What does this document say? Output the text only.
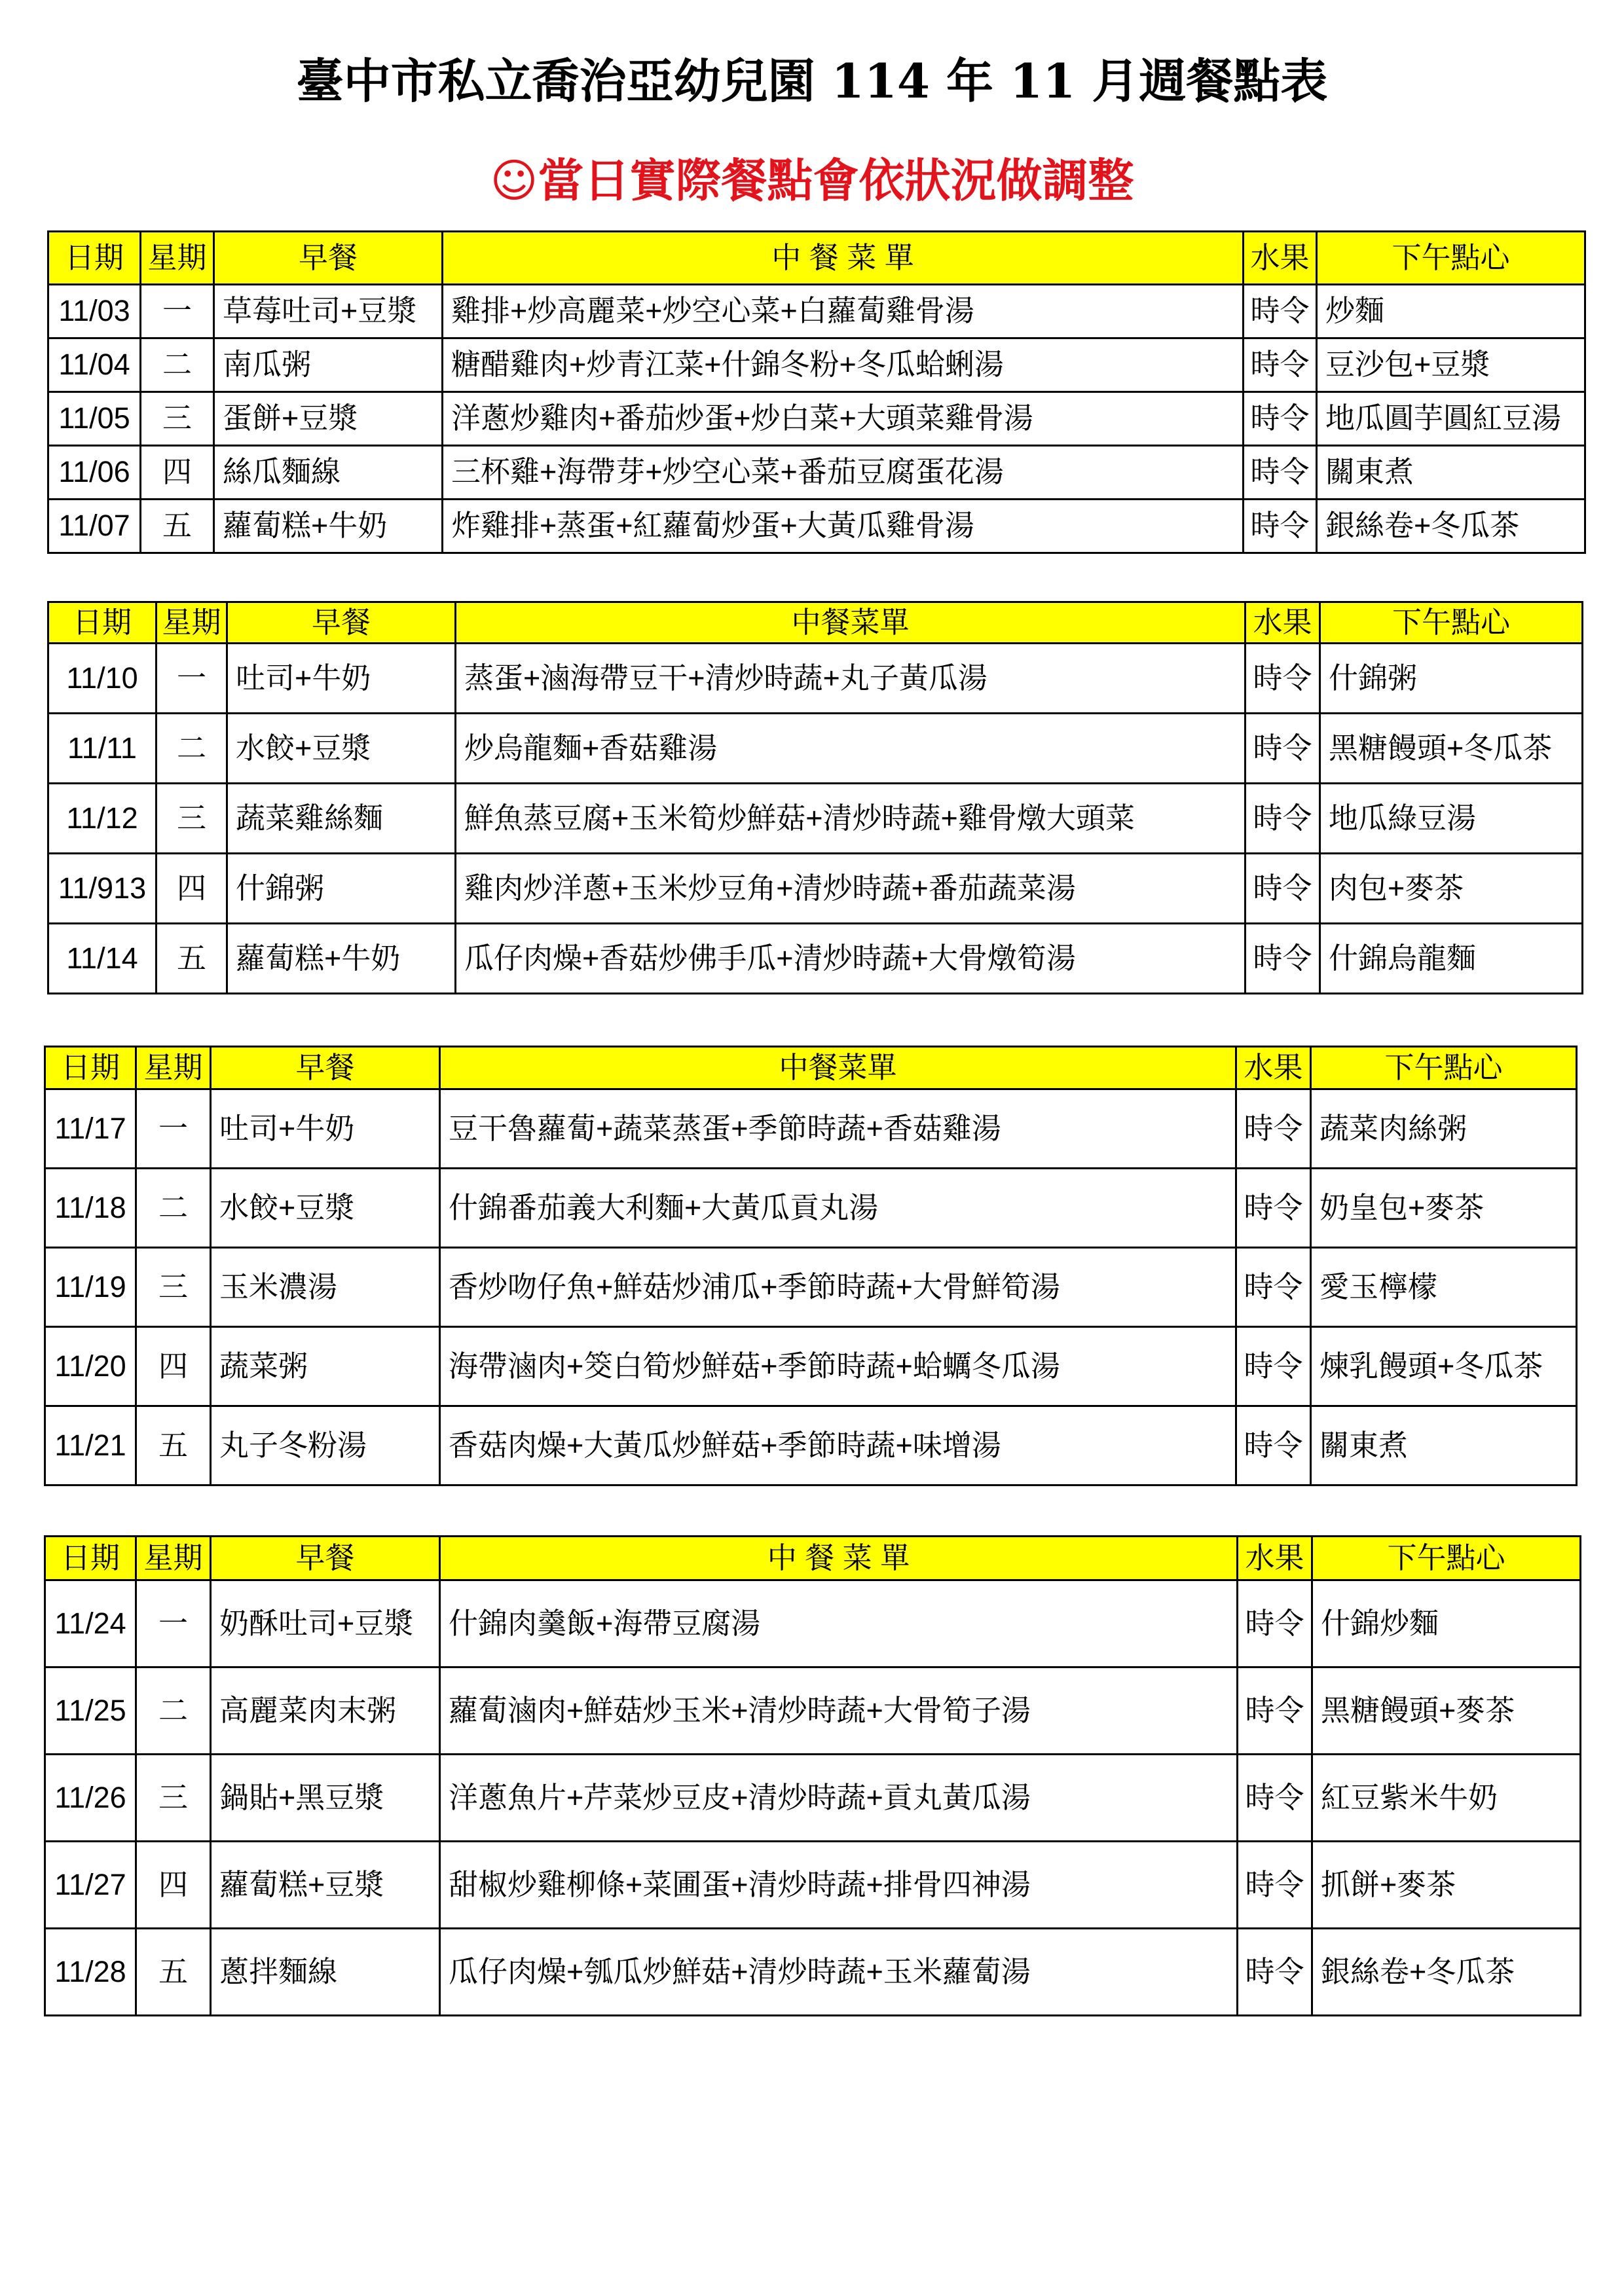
臺中市私立喬治亞幼兒園 114 年 11 月週餐點表
☺當日實際餐點會依狀況做調整
日期	星期	早餐	中 餐 菜 單	水果	下午點心
11/03	一	草莓吐司+豆漿	雞排+炒高麗菜+炒空心菜+白蘿蔔雞骨湯	時令	炒麵
11/04	二	南瓜粥	糖醋雞肉+炒青江菜+什錦冬粉+冬瓜蛤蜊湯	時令	豆沙包+豆漿
11/05	三	蛋餅+豆漿	洋蔥炒雞肉+番茄炒蛋+炒白菜+大頭菜雞骨湯	時令	地瓜圓芋圓紅豆湯
11/06	四	絲瓜麵線	三杯雞+海帶芽+炒空心菜+番茄豆腐蛋花湯	時令	關東煮
11/07	五	蘿蔔糕+牛奶	炸雞排+蒸蛋+紅蘿蔔炒蛋+大黃瓜雞骨湯	時令	銀絲卷+冬瓜茶
日期	星期	早餐	中餐菜單	水果	下午點心
11/10	一	吐司+牛奶	蒸蛋+滷海帶豆干+清炒時蔬+丸子黃瓜湯	時令	什錦粥
11/11	二	水餃+豆漿	炒烏龍麵+香菇雞湯	時令	黑糖饅頭+冬瓜茶
11/12	三	蔬菜雞絲麵	鮮魚蒸豆腐+玉米筍炒鮮菇+清炒時蔬+雞骨燉大頭菜	時令	地瓜綠豆湯
11/913	四	什錦粥	雞肉炒洋蔥+玉米炒豆角+清炒時蔬+番茄蔬菜湯	時令	肉包+麥茶
11/14	五	蘿蔔糕+牛奶	瓜仔肉燥+香菇炒佛手瓜+清炒時蔬+大骨燉筍湯	時令	什錦烏龍麵
日期	星期	早餐	中餐菜單	水果	下午點心
11/17	一	吐司+牛奶	豆干魯蘿蔔+蔬菜蒸蛋+季節時蔬+香菇雞湯	時令	蔬菜肉絲粥
11/18	二	水餃+豆漿	什錦番茄義大利麵+大黃瓜貢丸湯	時令	奶皇包+麥茶
11/19	三	玉米濃湯	香炒吻仔魚+鮮菇炒浦瓜+季節時蔬+大骨鮮筍湯	時令	愛玉檸檬
11/20	四	蔬菜粥	海帶滷肉+筊白筍炒鮮菇+季節時蔬+蛤蠣冬瓜湯	時令	煉乳饅頭+冬瓜茶
11/21	五	丸子冬粉湯	香菇肉燥+大黃瓜炒鮮菇+季節時蔬+味增湯	時令	關東煮
日期	星期	早餐	中 餐 菜 單	水果	下午點心
11/24	一	奶酥吐司+豆漿	什錦肉羹飯+海帶豆腐湯	時令	什錦炒麵
11/25	二	高麗菜肉末粥	蘿蔔滷肉+鮮菇炒玉米+清炒時蔬+大骨筍子湯	時令	黑糖饅頭+麥茶
11/26	三	鍋貼+黑豆漿	洋蔥魚片+芹菜炒豆皮+清炒時蔬+貢丸黃瓜湯	時令	紅豆紫米牛奶
11/27	四	蘿蔔糕+豆漿	甜椒炒雞柳條+菜圃蛋+清炒時蔬+排骨四神湯	時令	抓餅+麥茶
11/28	五	蔥拌麵線	瓜仔肉燥+瓠瓜炒鮮菇+清炒時蔬+玉米蘿蔔湯	時令	銀絲卷+冬瓜茶
